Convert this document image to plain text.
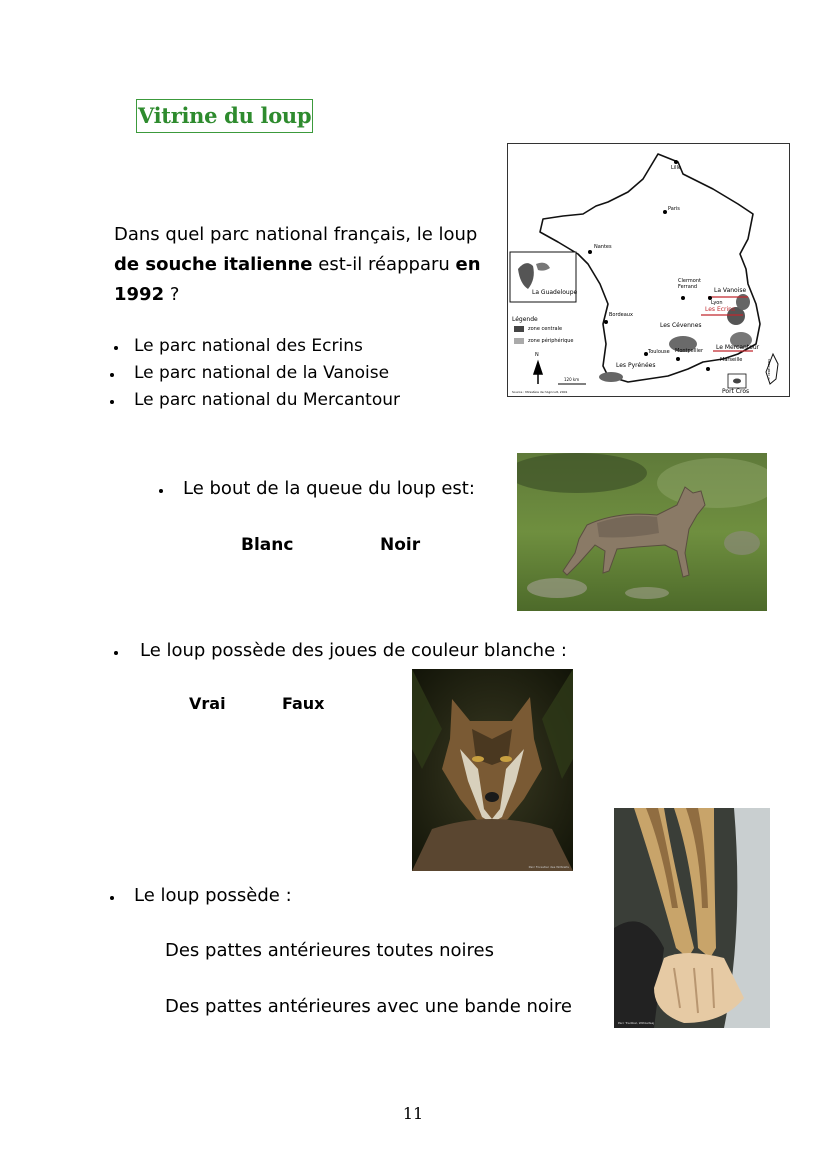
Vitrine du loup
Dans quel parc national français, le loup de souche italienne est-il réapparu en 1992 ?
Le parc national des Ecrins
Le parc national de la Vanoise
Le parc national du Mercantour
Lille
Paris
Nantes
Clermont Ferrand
Lyon
Bordeaux
Toulouse Montpellier
Marseille
La Vanoise
Les Ecrins
Le Mercantour
Les Cévennes
Les Pyrénées
Port Cros
La Guadeloupe
Légende
zone centrale
zone périphérique
N
120 km
Source : Ministère de l'Agricult, 2001
© CERE-CNRS
Le bout de la queue du loup est:
Blanc	Noir
Le loup possède des joues de couleur blanche :
Vrai	Faux
Parc Forestier des Wiltzeits
Parc Tradikal, Wiltzeitsaj
Le loup possède :
Des pattes antérieures toutes noires
Des pattes antérieures avec une bande noire
11
